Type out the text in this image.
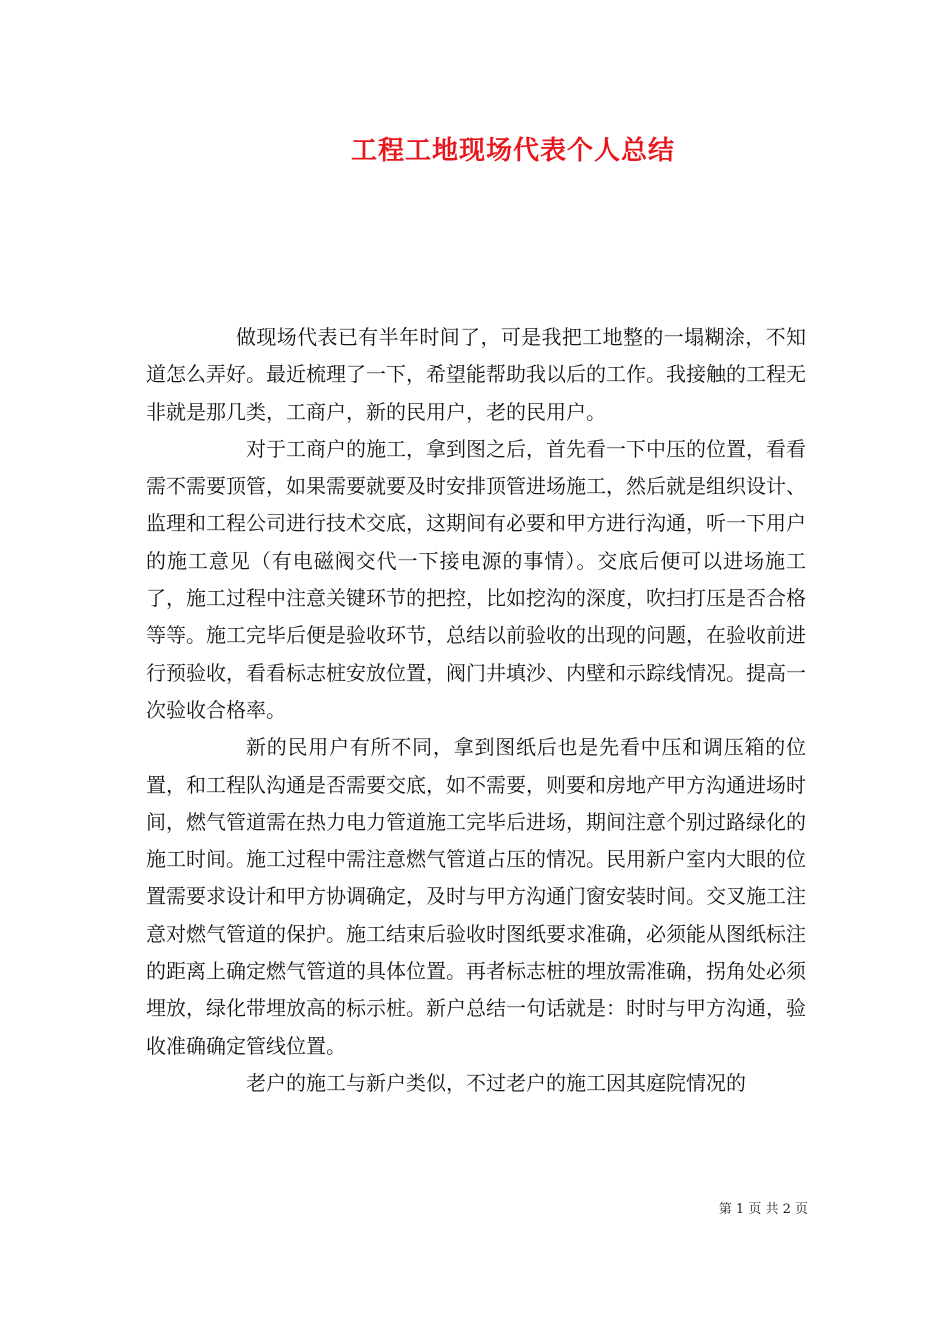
工程工地现场代表个人总结

做现场代表已有半年时间了，可是我把工地整的一塌糊涂，不知道怎么弄好。最近梳理了一下，希望能帮助我以后的工作。我接触的工程无非就是那几类，工商户，新的民用户，老的民用户。

对于工商户的施工，拿到图之后，首先看一下中压的位置，看看需不需要顶管，如果需要就要及时安排顶管进场施工，然后就是组织设计、监理和工程公司进行技术交底，这期间有必要和甲方进行沟通，听一下用户的施工意见（有电磁阀交代一下接电源的事情）。交底后便可以进场施工了，施工过程中注意关键环节的把控，比如挖沟的深度，吹扫打压是否合格等等。施工完毕后便是验收环节，总结以前验收的出现的问题，在验收前进行预验收，看看标志桩安放位置，阀门井填沙、内壁和示踪线情况。提高一次验收合格率。

新的民用户有所不同，拿到图纸后也是先看中压和调压箱的位置，和工程队沟通是否需要交底，如不需要，则要和房地产甲方沟通进场时间，燃气管道需在热力电力管道施工完毕后进场，期间注意个别过路绿化的施工时间。施工过程中需注意燃气管道占压的情况。民用新户室内大眼的位置需要求设计和甲方协调确定，及时与甲方沟通门窗安装时间。交叉施工注意对燃气管道的保护。施工结束后验收时图纸要求准确，必须能从图纸标注的距离上确定燃气管道的具体位置。再者标志桩的埋放需准确，拐角处必须埋放，绿化带埋放高的标示桩。新户总结一句话就是：时时与甲方沟通，验收准确确定管线位置。

老户的施工与新户类似，不过老户的施工因其庭院情况的

第 1 页 共 2 页
